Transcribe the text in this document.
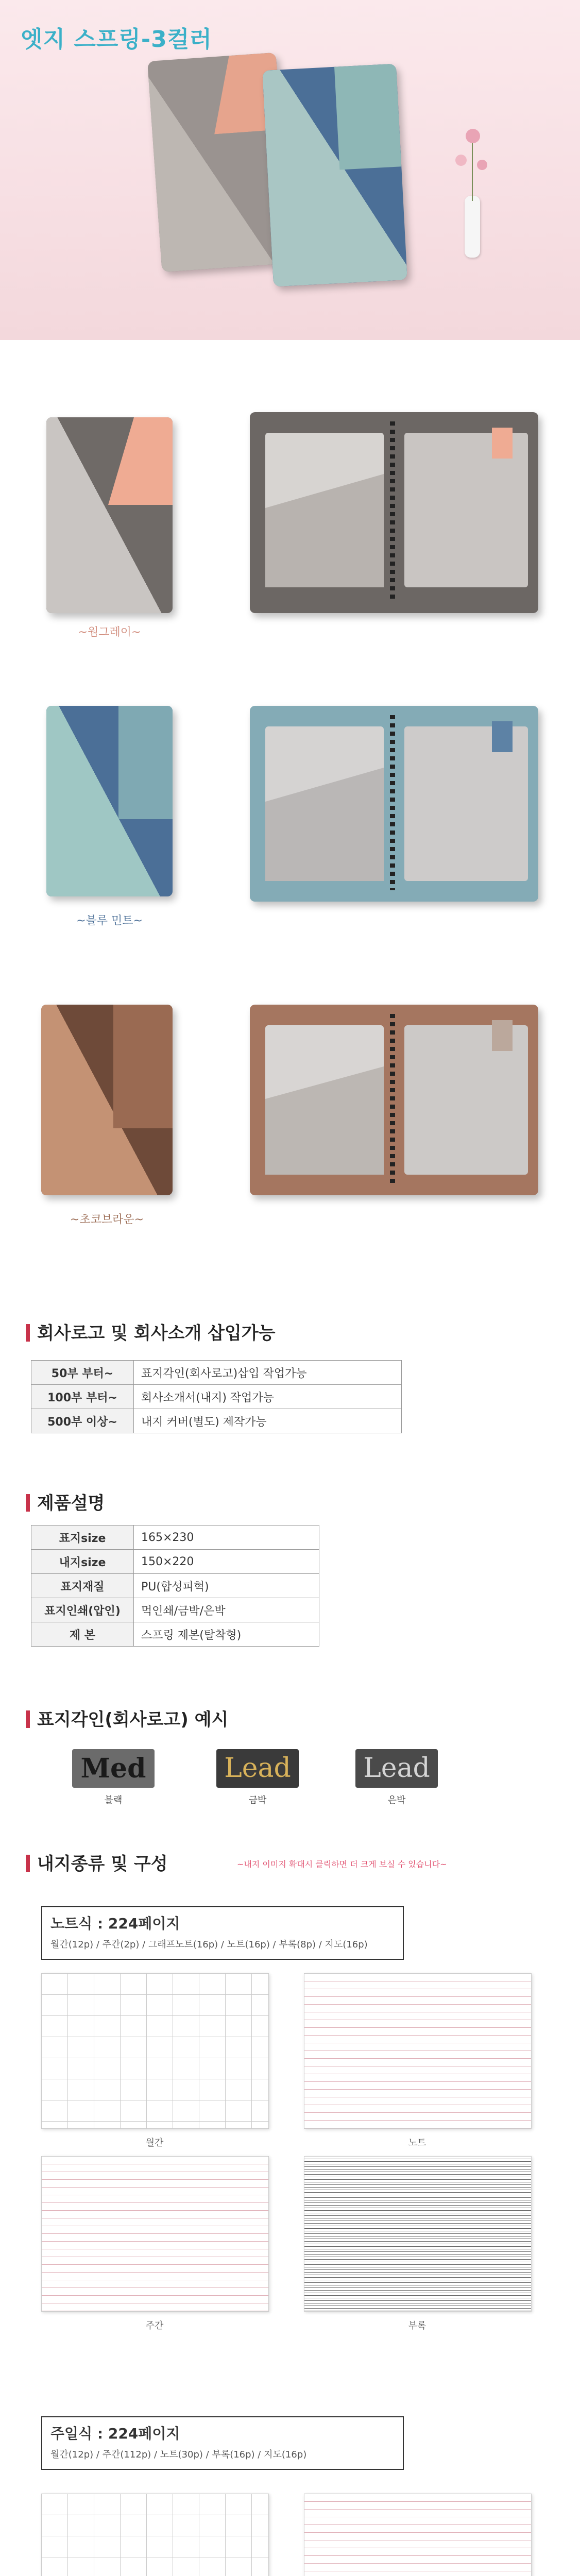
엣지 스프링-3컬러
~웜그레이~
~블루 민트~
~초코브라운~
회사로고 및 회사소개 삽입가능
50부 부터~	표지각인(회사로고)삽입 작업가능
100부 부터~	회사소개서(내지) 작업가능
500부 이상~	내지 커버(별도) 제작가능
제품설명
표지size	165×230
내지size	150×220
표지재질	PU(합성피혁)
표지인쇄(압인)	먹인쇄/금박/은박
제 본	스프링 제본(탈착형)
표지각인(회사로고) 예시
Med	Lead	Lead
블랙	금박	은박
내지종류 및 구성	~내지 이미지 확대시 클릭하면 더 크게 보실 수 있습니다~
노트식 : 224페이지
월간(12p) / 주간(2p) / 그래프노트(16p) / 노트(16p) / 부록(8p) / 지도(16p)
월간	노트
주간	부록
주일식 : 224페이지
월간(12p) / 주간(112p) / 노트(30p) / 부록(16p) / 지도(16p)
